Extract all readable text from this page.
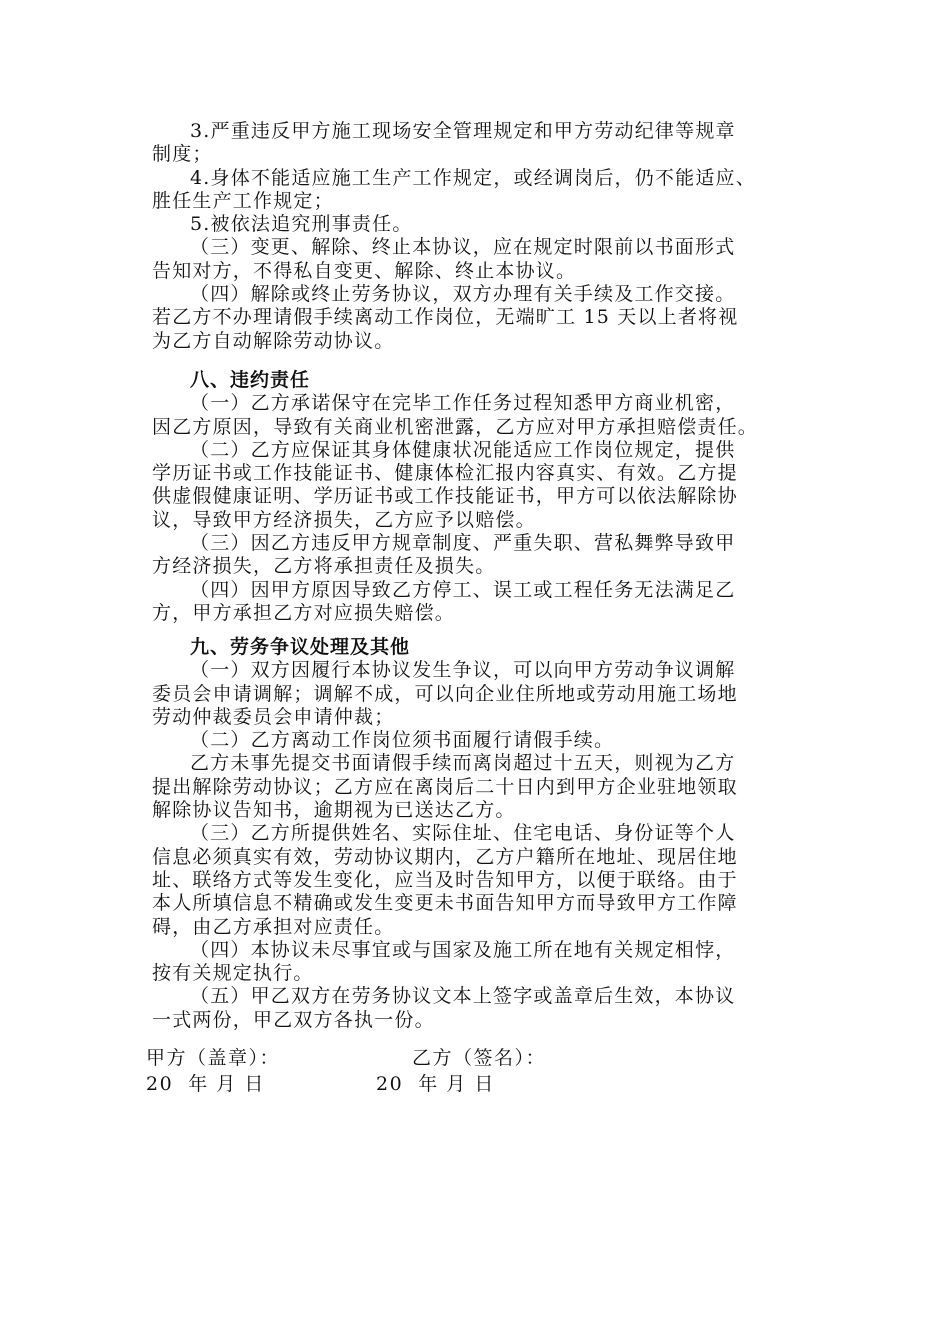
3.严重违反甲方施工现场安全管理规定和甲方劳动纪律等规章
制度；
4.身体不能适应施工生产工作规定，或经调岗后，仍不能适应、
胜任生产工作规定；
5.被依法追究刑事责任。
（三）变更、解除、终止本协议，应在规定时限前以书面形式
告知对方，不得私自变更、解除、终止本协议。
（四）解除或终止劳务协议，双方办理有关手续及工作交接。
若乙方不办理请假手续离动工作岗位，无端旷工 15 天以上者将视
为乙方自动解除劳动协议。
八、违约责任
（一）乙方承诺保守在完毕工作任务过程知悉甲方商业机密，
因乙方原因，导致有关商业机密泄露，乙方应对甲方承担赔偿责任。
（二）乙方应保证其身体健康状况能适应工作岗位规定，提供
学历证书或工作技能证书、健康体检汇报内容真实、有效。乙方提
供虚假健康证明、学历证书或工作技能证书，甲方可以依法解除协
议，导致甲方经济损失，乙方应予以赔偿。
（三）因乙方违反甲方规章制度、严重失职、营私舞弊导致甲
方经济损失，乙方将承担责任及损失。
（四）因甲方原因导致乙方停工、误工或工程任务无法满足乙
方，甲方承担乙方对应损失赔偿。
九、劳务争议处理及其他
（一）双方因履行本协议发生争议，可以向甲方劳动争议调解
委员会申请调解；调解不成，可以向企业住所地或劳动用施工场地
劳动仲裁委员会申请仲裁；
（二）乙方离动工作岗位须书面履行请假手续。
乙方未事先提交书面请假手续而离岗超过十五天，则视为乙方
提出解除劳动协议；乙方应在离岗后二十日内到甲方企业驻地领取
解除协议告知书，逾期视为已送达乙方。
（三）乙方所提供姓名、实际住址、住宅电话、身份证等个人
信息必须真实有效，劳动协议期内，乙方户籍所在地址、现居住地
址、联络方式等发生变化，应当及时告知甲方，以便于联络。由于
本人所填信息不精确或发生变更未书面告知甲方而导致甲方工作障
碍，由乙方承担对应责任。
（四）本协议未尽事宜或与国家及施工所在地有关规定相悖，
按有关规定执行。
（五）甲乙双方在劳务协议文本上签字或盖章后生效，本协议
一式两份，甲乙双方各执一份。
甲方（盖章）：	乙方（签名）：
20  年 月 日	20  年 月 日
